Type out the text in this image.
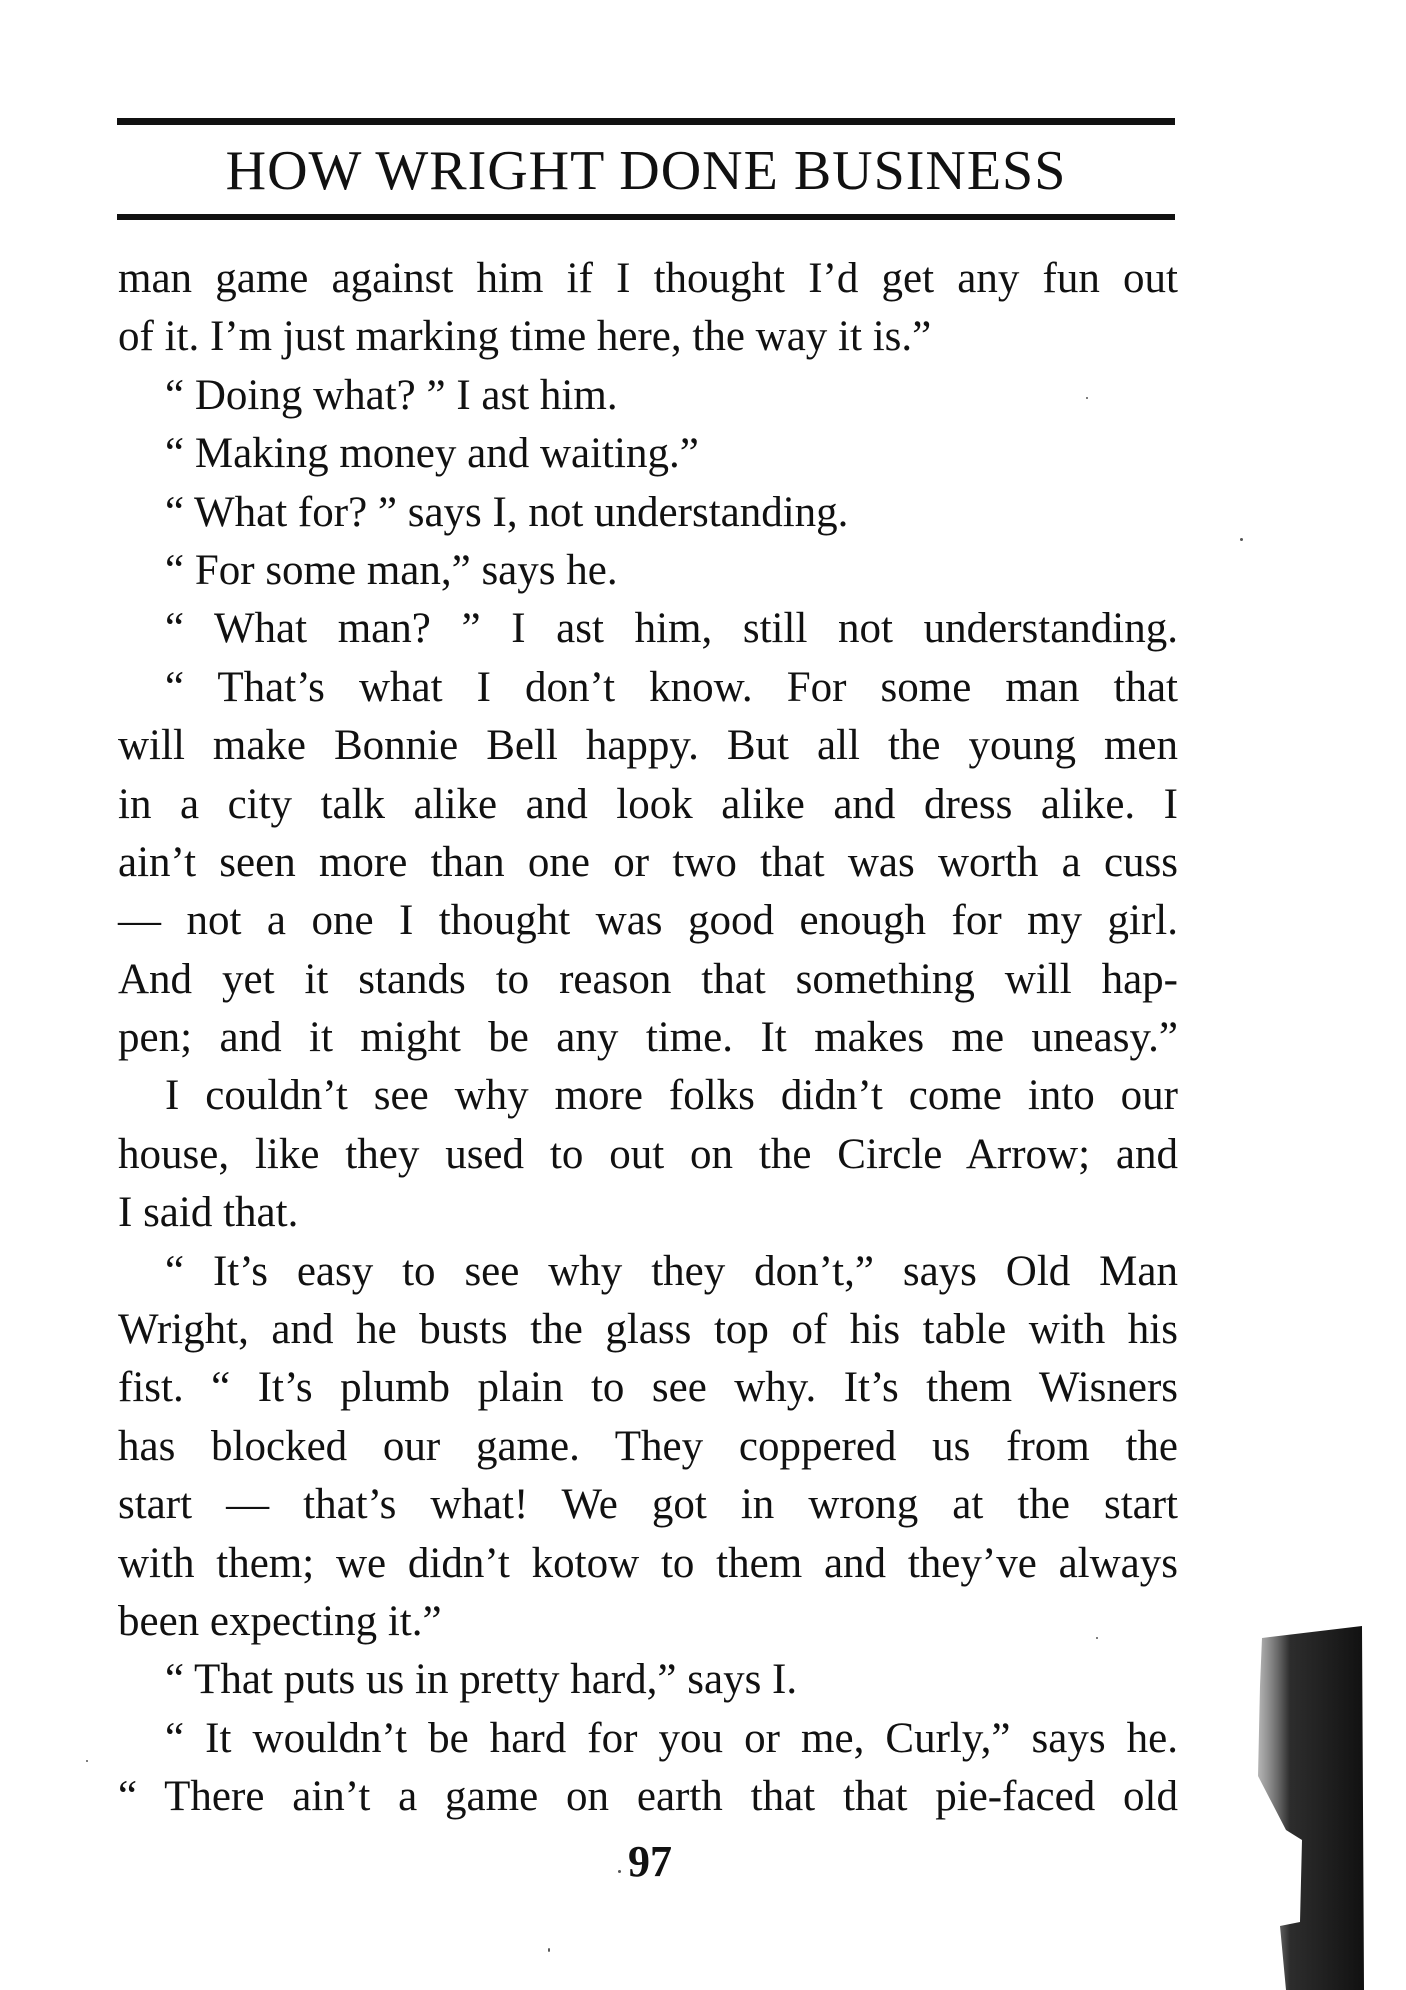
HOW WRIGHT DONE BUSINESS
man game against him if I thought I’d get any fun out
of it. I’m just marking time here, the way it is.”
“ Doing what? ” I ast him.
“ Making money and waiting.”
“ What for? ” says I, not understanding.
“ For some man,” says he.
“ What man? ” I ast him, still not understanding.
“ That’s what I don’t know. For some man that
will make Bonnie Bell happy. But all the young men
in a city talk alike and look alike and dress alike. I
ain’t seen more than one or two that was worth a cuss
— not a one I thought was good enough for my girl.
And yet it stands to reason that something will hap-
pen; and it might be any time. It makes me uneasy.”
I couldn’t see why more folks didn’t come into our
house, like they used to out on the Circle Arrow; and
I said that.
“ It’s easy to see why they don’t,” says Old Man
Wright, and he busts the glass top of his table with his
fist. “ It’s plumb plain to see why. It’s them Wisners
has blocked our game. They coppered us from the
start — that’s what! We got in wrong at the start
with them; we didn’t kotow to them and they’ve always
been expecting it.”
“ That puts us in pretty hard,” says I.
“ It wouldn’t be hard for you or me, Curly,” says he.
“ There ain’t a game on earth that that pie-faced old
97
